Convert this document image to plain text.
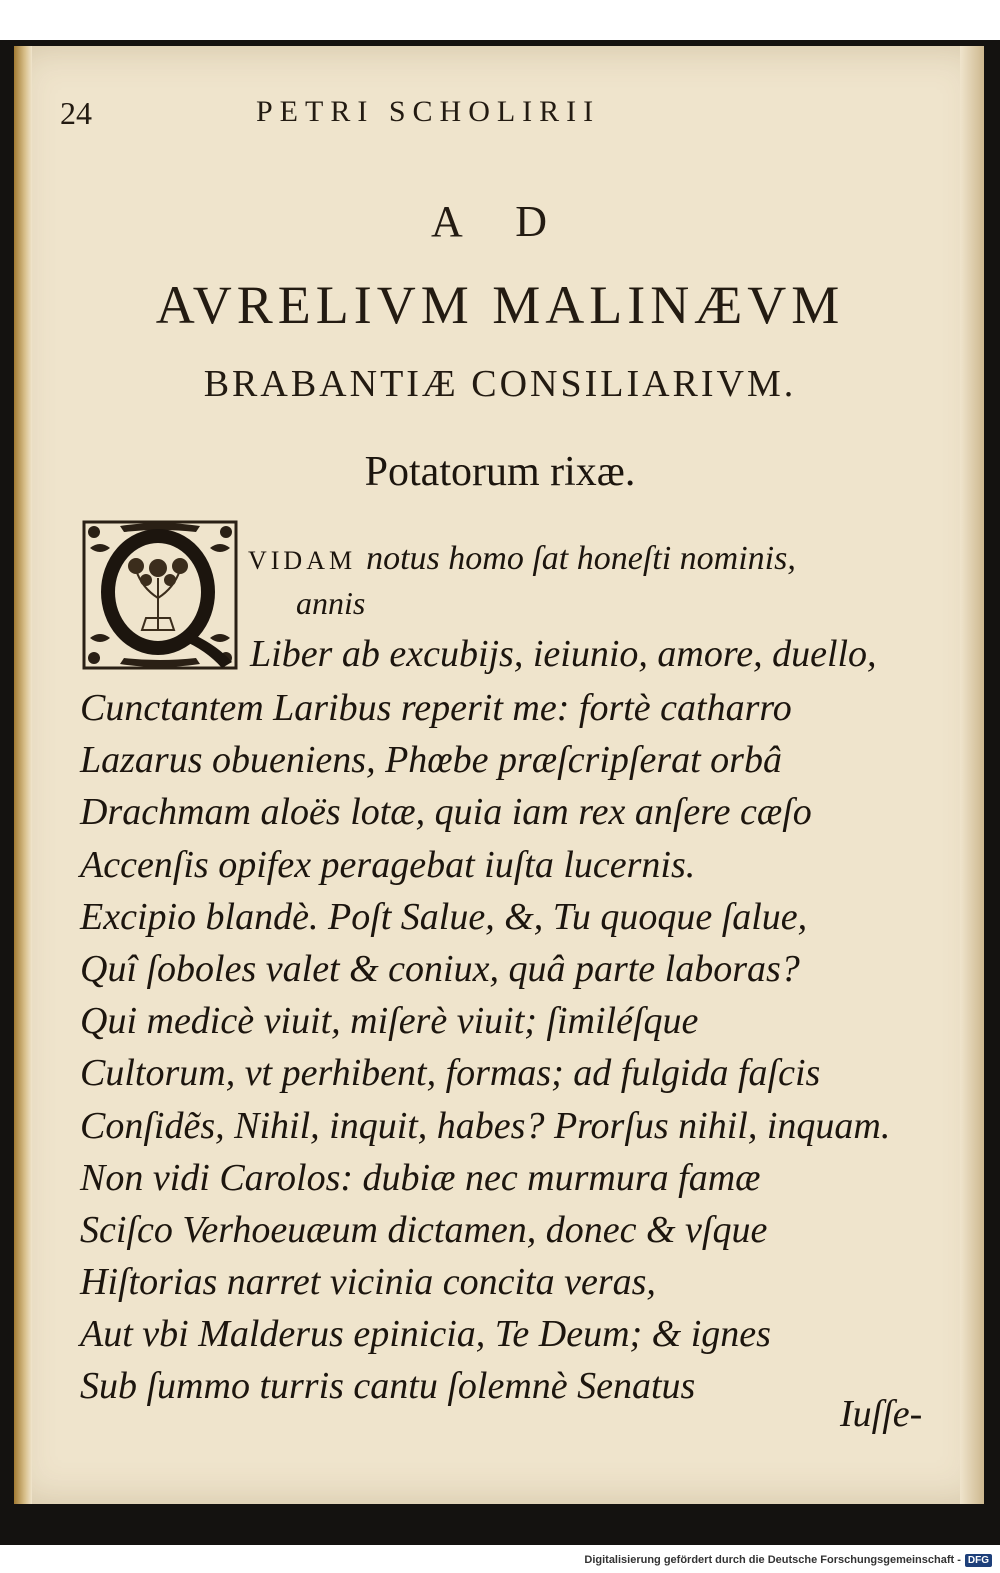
24	PETRI SCHOLIRII
A D
AVRELIVM MALINÆVM
BRABANTIÆ CONSILIARIVM.
Potatorum rixæ.
VIDAM notus homo ſat honeſti nominis,
annis
Liber ab excubijs, ieiunio, amore, duello,
Cunctantem Laribus reperit me: fortè catharro
Lazarus obueniens, Phœbe præſcripſerat orbâ
Drachmam aloës lotæ, quia iam rex anſere cæſo
Accenſis opifex peragebat iuſta lucernis.
Excipio blandè. Poſt Salue, &, Tu quoque ſalue,
Quî ſoboles valet & coniux, quâ parte laboras?
Qui medicè viuit, miſerè viuit; ſimiléſque
Cultorum, vt perhibent, formas; ad fulgida faſcis
Conſidẽs, Nihil, inquit, habes? Prorſus nihil, inquam.
Non vidi Carolos: dubiæ nec murmura famæ
Sciſco Verhoeuæum dictamen, donec & vſque
Hiſtorias narret vicinia concita veras,
Aut vbi Malderus epinicia, Te Deum; & ignes
Sub ſummo turris cantu ſolemnè Senatus
Iuſſe-
Digitalisierung gefördert durch die Deutsche Forschungsgemeinschaft - DFG
